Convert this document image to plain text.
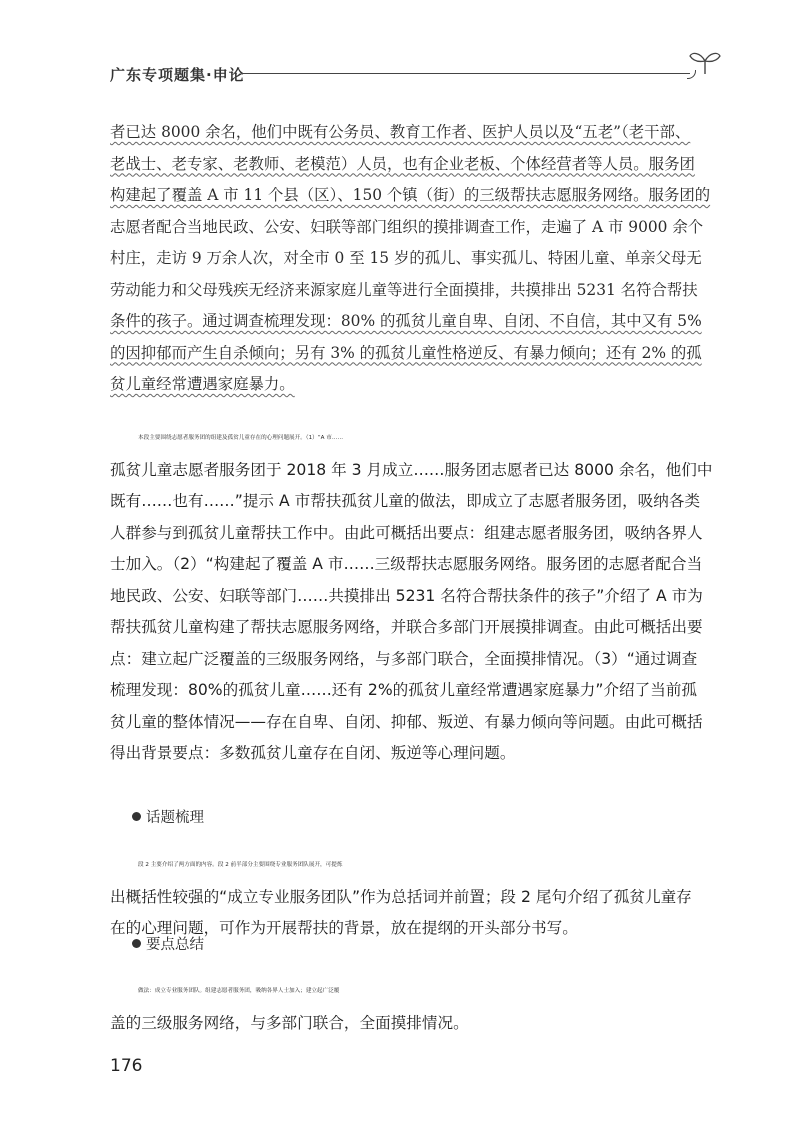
广东专项题集·申论
者已达 8000 余名，他们中既有公务员、教育工作者、医护人员以及“五老”（老干部、
老战士、老专家、老教师、老模范）人员，也有企业老板、个体经营者等人员。服务团
构建起了覆盖 A 市 11 个县（区）、150 个镇（街）的三级帮扶志愿服务网络。服务团的
志愿者配合当地民政、公安、妇联等部门组织的摸排调查工作，走遍了 A 市 9000 余个
村庄，走访 9 万余人次，对全市 0 至 15 岁的孤儿、事实孤儿、特困儿童、单亲父母无
劳动能力和父母残疾无经济来源家庭儿童等进行全面摸排，共摸排出 5231 名符合帮扶
条件的孩子。通过调查梳理发现：80% 的孤贫儿童自卑、自闭、不自信，其中又有 5%
的因抑郁而产生自杀倾向；另有 3% 的孤贫儿童性格逆反、有暴力倾向；还有 2% 的孤
贫儿童经常遭遇家庭暴力。
本段主要围绕志愿者服务团的组建及孤贫儿童存在的心理问题展开。（1）“A 市……
孤贫儿童志愿者服务团于 2018 年 3 月成立……服务团志愿者已达 8000 余名，他们中
既有……也有……”提示 A 市帮扶孤贫儿童的做法，即成立了志愿者服务团，吸纳各类
人群参与到孤贫儿童帮扶工作中。由此可概括出要点：组建志愿者服务团，吸纳各界人
士加入。（2）“构建起了覆盖 A 市……三级帮扶志愿服务网络。服务团的志愿者配合当
地民政、公安、妇联等部门……共摸排出 5231 名符合帮扶条件的孩子”介绍了 A 市为
帮扶孤贫儿童构建了帮扶志愿服务网络，并联合多部门开展摸排调查。由此可概括出要
点：建立起广泛覆盖的三级服务网络，与多部门联合，全面摸排情况。（3）“通过调查
梳理发现：80%的孤贫儿童……还有 2%的孤贫儿童经常遭遇家庭暴力”介绍了当前孤
贫儿童的整体情况——存在自卑、自闭、抑郁、叛逆、有暴力倾向等问题。由此可概括
得出背景要点：多数孤贫儿童存在自闭、叛逆等心理问题。
话题梳理
段 2 主要介绍了两方面的内容。段 2 前半部分主要围绕专业服务团队展开，可提炼
出概括性较强的“成立专业服务团队”作为总括词并前置；段 2 尾句介绍了孤贫儿童存
在的心理问题，可作为开展帮扶的背景，放在提纲的开头部分书写。
要点总结
做法：成立专业服务团队。组建志愿者服务团，吸纳各界人士加入；建立起广泛覆
盖的三级服务网络，与多部门联合，全面摸排情况。
176
